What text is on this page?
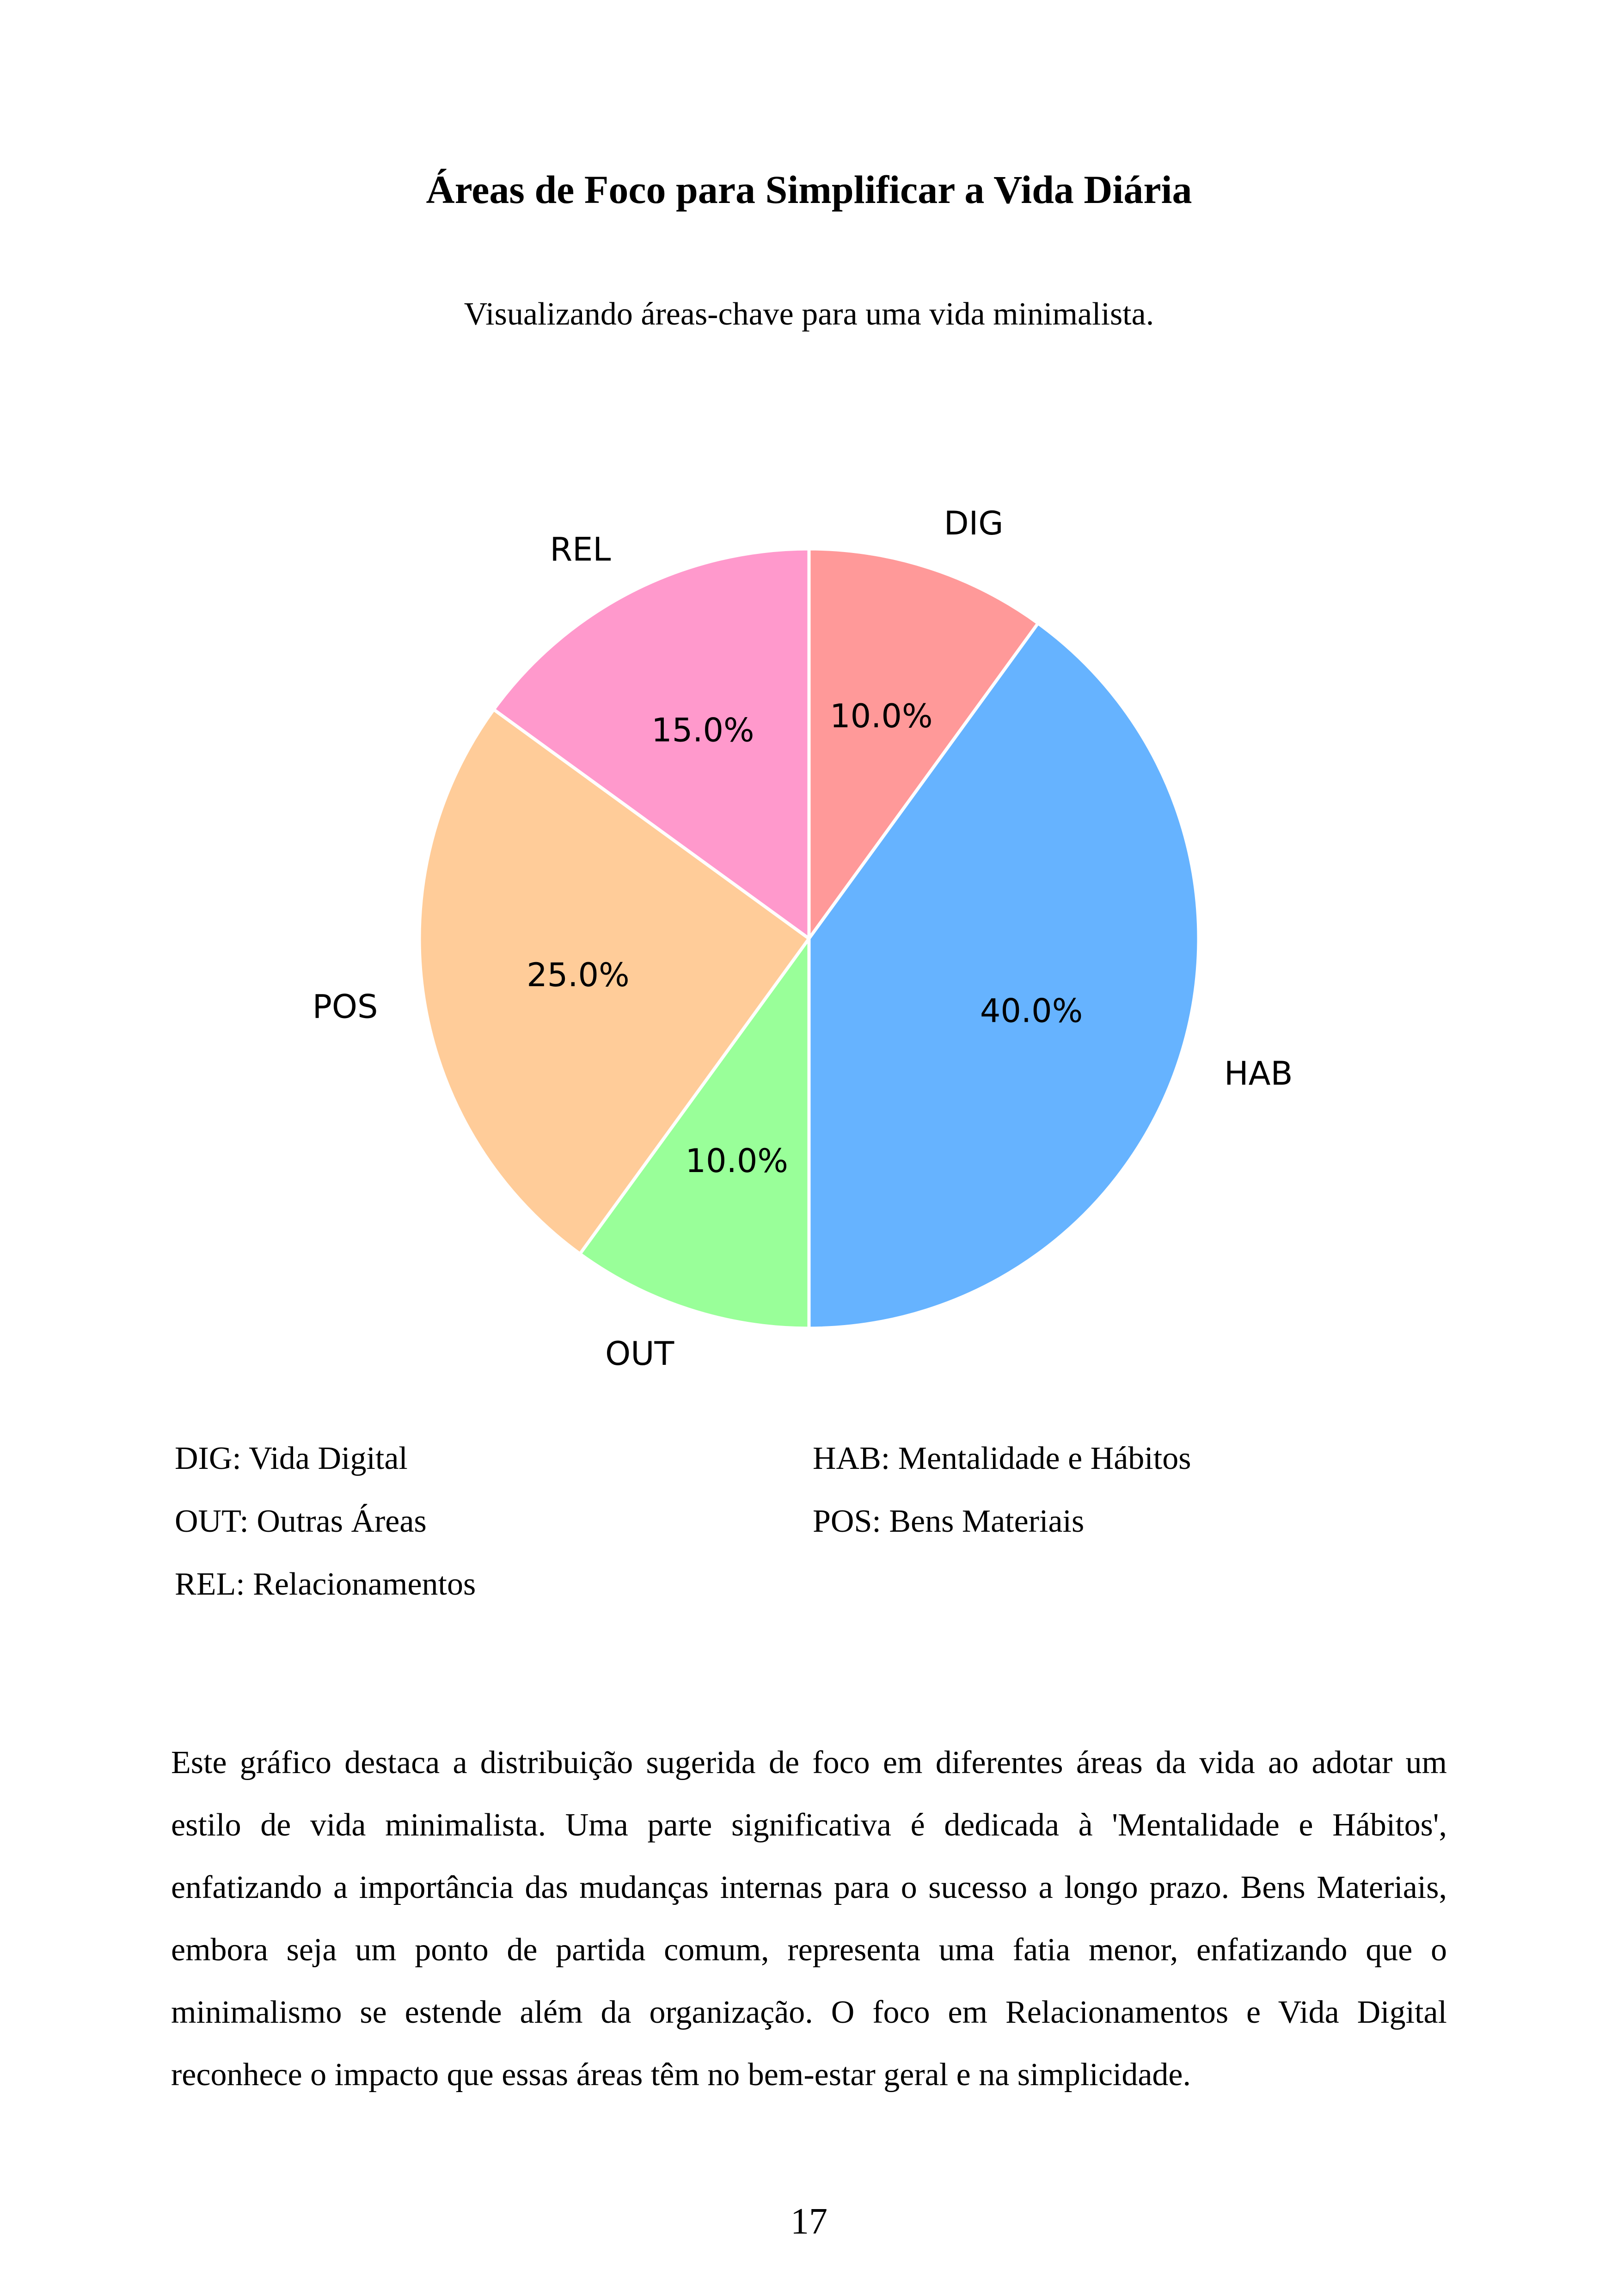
Áreas de Foco para Simplificar a Vida Diária
Visualizando áreas-chave para uma vida minimalista.
10.0%
40.0%
10.0%
25.0%
15.0%
DIG
HAB
OUT
POS
REL
DIG: Vida Digital	HAB: Mentalidade e Hábitos
OUT: Outras Áreas	POS: Bens Materiais
REL: Relacionamentos
Este gráfico destaca a distribuição sugerida de foco em diferentes áreas da vida ao adotar um estilo de vida minimalista. Uma parte significativa é dedicada à 'Mentalidade e Hábitos', enfatizando a importância das mudanças internas para o sucesso a longo prazo. Bens Materiais, embora seja um ponto de partida comum, representa uma fatia menor, enfatizando que o minimalismo se estende além da organização. O foco em Relacionamentos e Vida Digital reconhece o impacto que essas áreas têm no bem-estar geral e na simplicidade.
17
